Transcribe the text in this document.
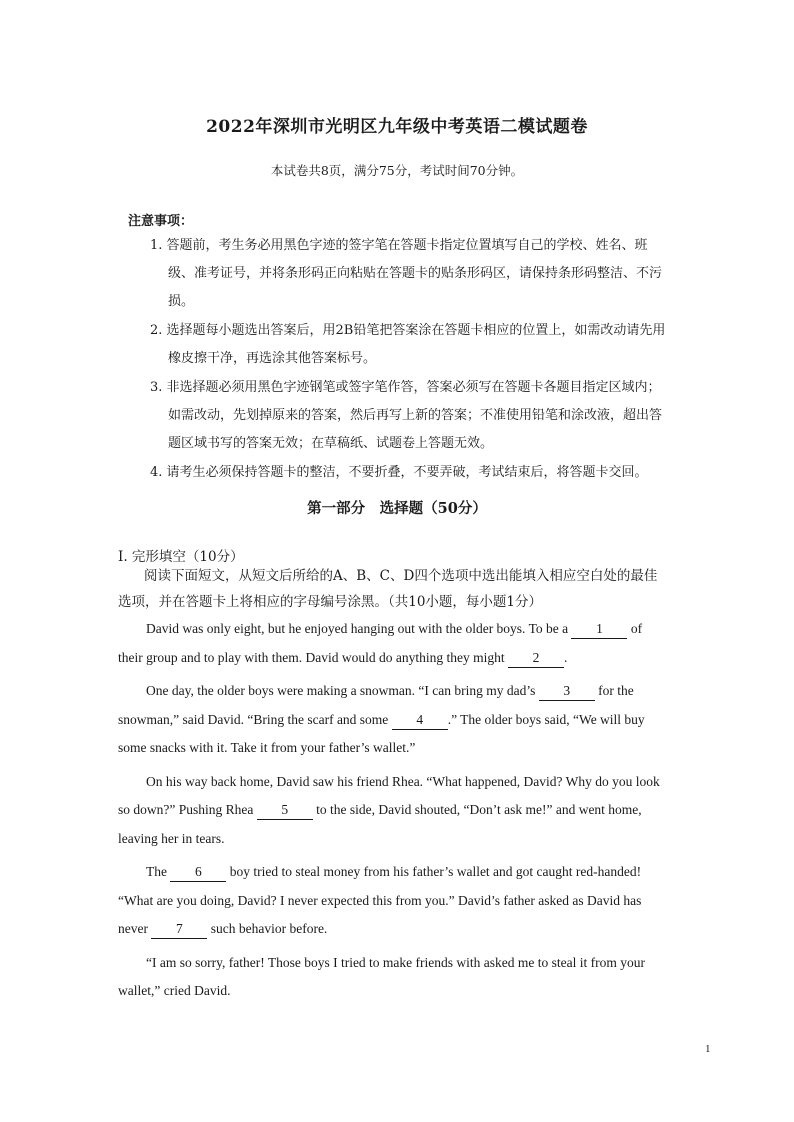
2022年深圳市光明区九年级中考英语二模试题卷
本试卷共8页，满分75分，考试时间70分钟。
注意事项：
1. 答题前，考生务必用黑色字迹的签字笔在答题卡指定位置填写自己的学校、姓名、班级、准考证号，并将条形码正向粘贴在答题卡的贴条形码区，请保持条形码整洁、不污损。
2. 选择题每小题选出答案后，用2B铅笔把答案涂在答题卡相应的位置上，如需改动请先用橡皮擦干净，再选涂其他答案标号。
3. 非选择题必须用黑色字迹钢笔或签字笔作答，答案必须写在答题卡各题目指定区域内；如需改动，先划掉原来的答案，然后再写上新的答案；不准使用铅笔和涂改液，超出答题区域书写的答案无效；在草稿纸、试题卷上答题无效。
4. 请考生必须保持答题卡的整洁，不要折叠，不要弄破，考试结束后，将答题卡交回。
第一部分　选择题（50分）
I. 完形填空（10分）

阅读下面短文，从短文后所给的A、B、C、D四个选项中选出能填入相应空白处的最佳选项，并在答题卡上将相应的字母编号涂黑。（共10小题，每小题1分）

David was only eight, but he enjoyed hanging out with the older boys. To be a 1 of their group and to play with them. David would do anything they might 2 .

One day, the older boys were making a snowman. “I can bring my dad’s 3 for the snowman,” said David. “Bring the scarf and some 4 .” The older boys said, “We will buy some snacks with it. Take it from your father’s wallet.”

On his way back home, David saw his friend Rhea. “What happened, David? Why do you look so down?” Pushing Rhea 5 to the side, David shouted, “Don’t ask me!” and went home, leaving her in tears.

The 6 boy tried to steal money from his father’s wallet and got caught red-handed! “What are you doing, David? I never expected this from you.” David’s father asked as David has never 7 such behavior before.

“I am so sorry, father! Those boys I tried to make friends with asked me to steal it from your wallet,” cried David.

1
